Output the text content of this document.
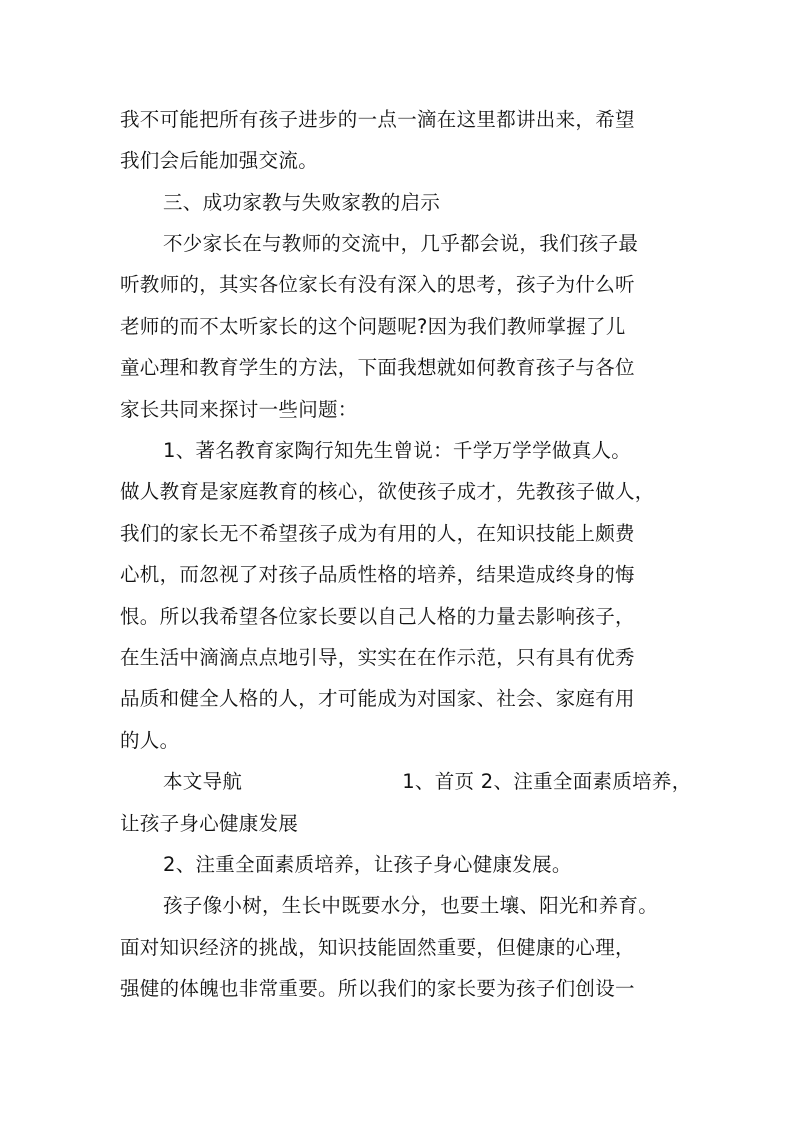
我不可能把所有孩子进步的一点一滴在这里都讲出来，希望
我们会后能加强交流。
三、成功家教与失败家教的启示
不少家长在与教师的交流中，几乎都会说，我们孩子最
听教师的，其实各位家长有没有深入的思考，孩子为什么听
老师的而不太听家长的这个问题呢?因为我们教师掌握了儿
童心理和教育学生的方法，下面我想就如何教育孩子与各位
家长共同来探讨一些问题：
1、著名教育家陶行知先生曾说：千学万学学做真人。
做人教育是家庭教育的核心，欲使孩子成才，先教孩子做人，
我们的家长无不希望孩子成为有用的人，在知识技能上颇费
心机，而忽视了对孩子品质性格的培养，结果造成终身的悔
恨。所以我希望各位家长要以自己人格的力量去影响孩子，
在生活中滴滴点点地引导，实实在在作示范，只有具有优秀
品质和健全人格的人，才可能成为对国家、社会、家庭有用
的人。
本文导航	1、首页 2、注重全面素质培养，
让孩子身心健康发展
2、注重全面素质培养，让孩子身心健康发展。
孩子像小树，生长中既要水分，也要土壤、阳光和养育。
面对知识经济的挑战，知识技能固然重要，但健康的心理，
强健的体魄也非常重要。所以我们的家长要为孩子们创设一
